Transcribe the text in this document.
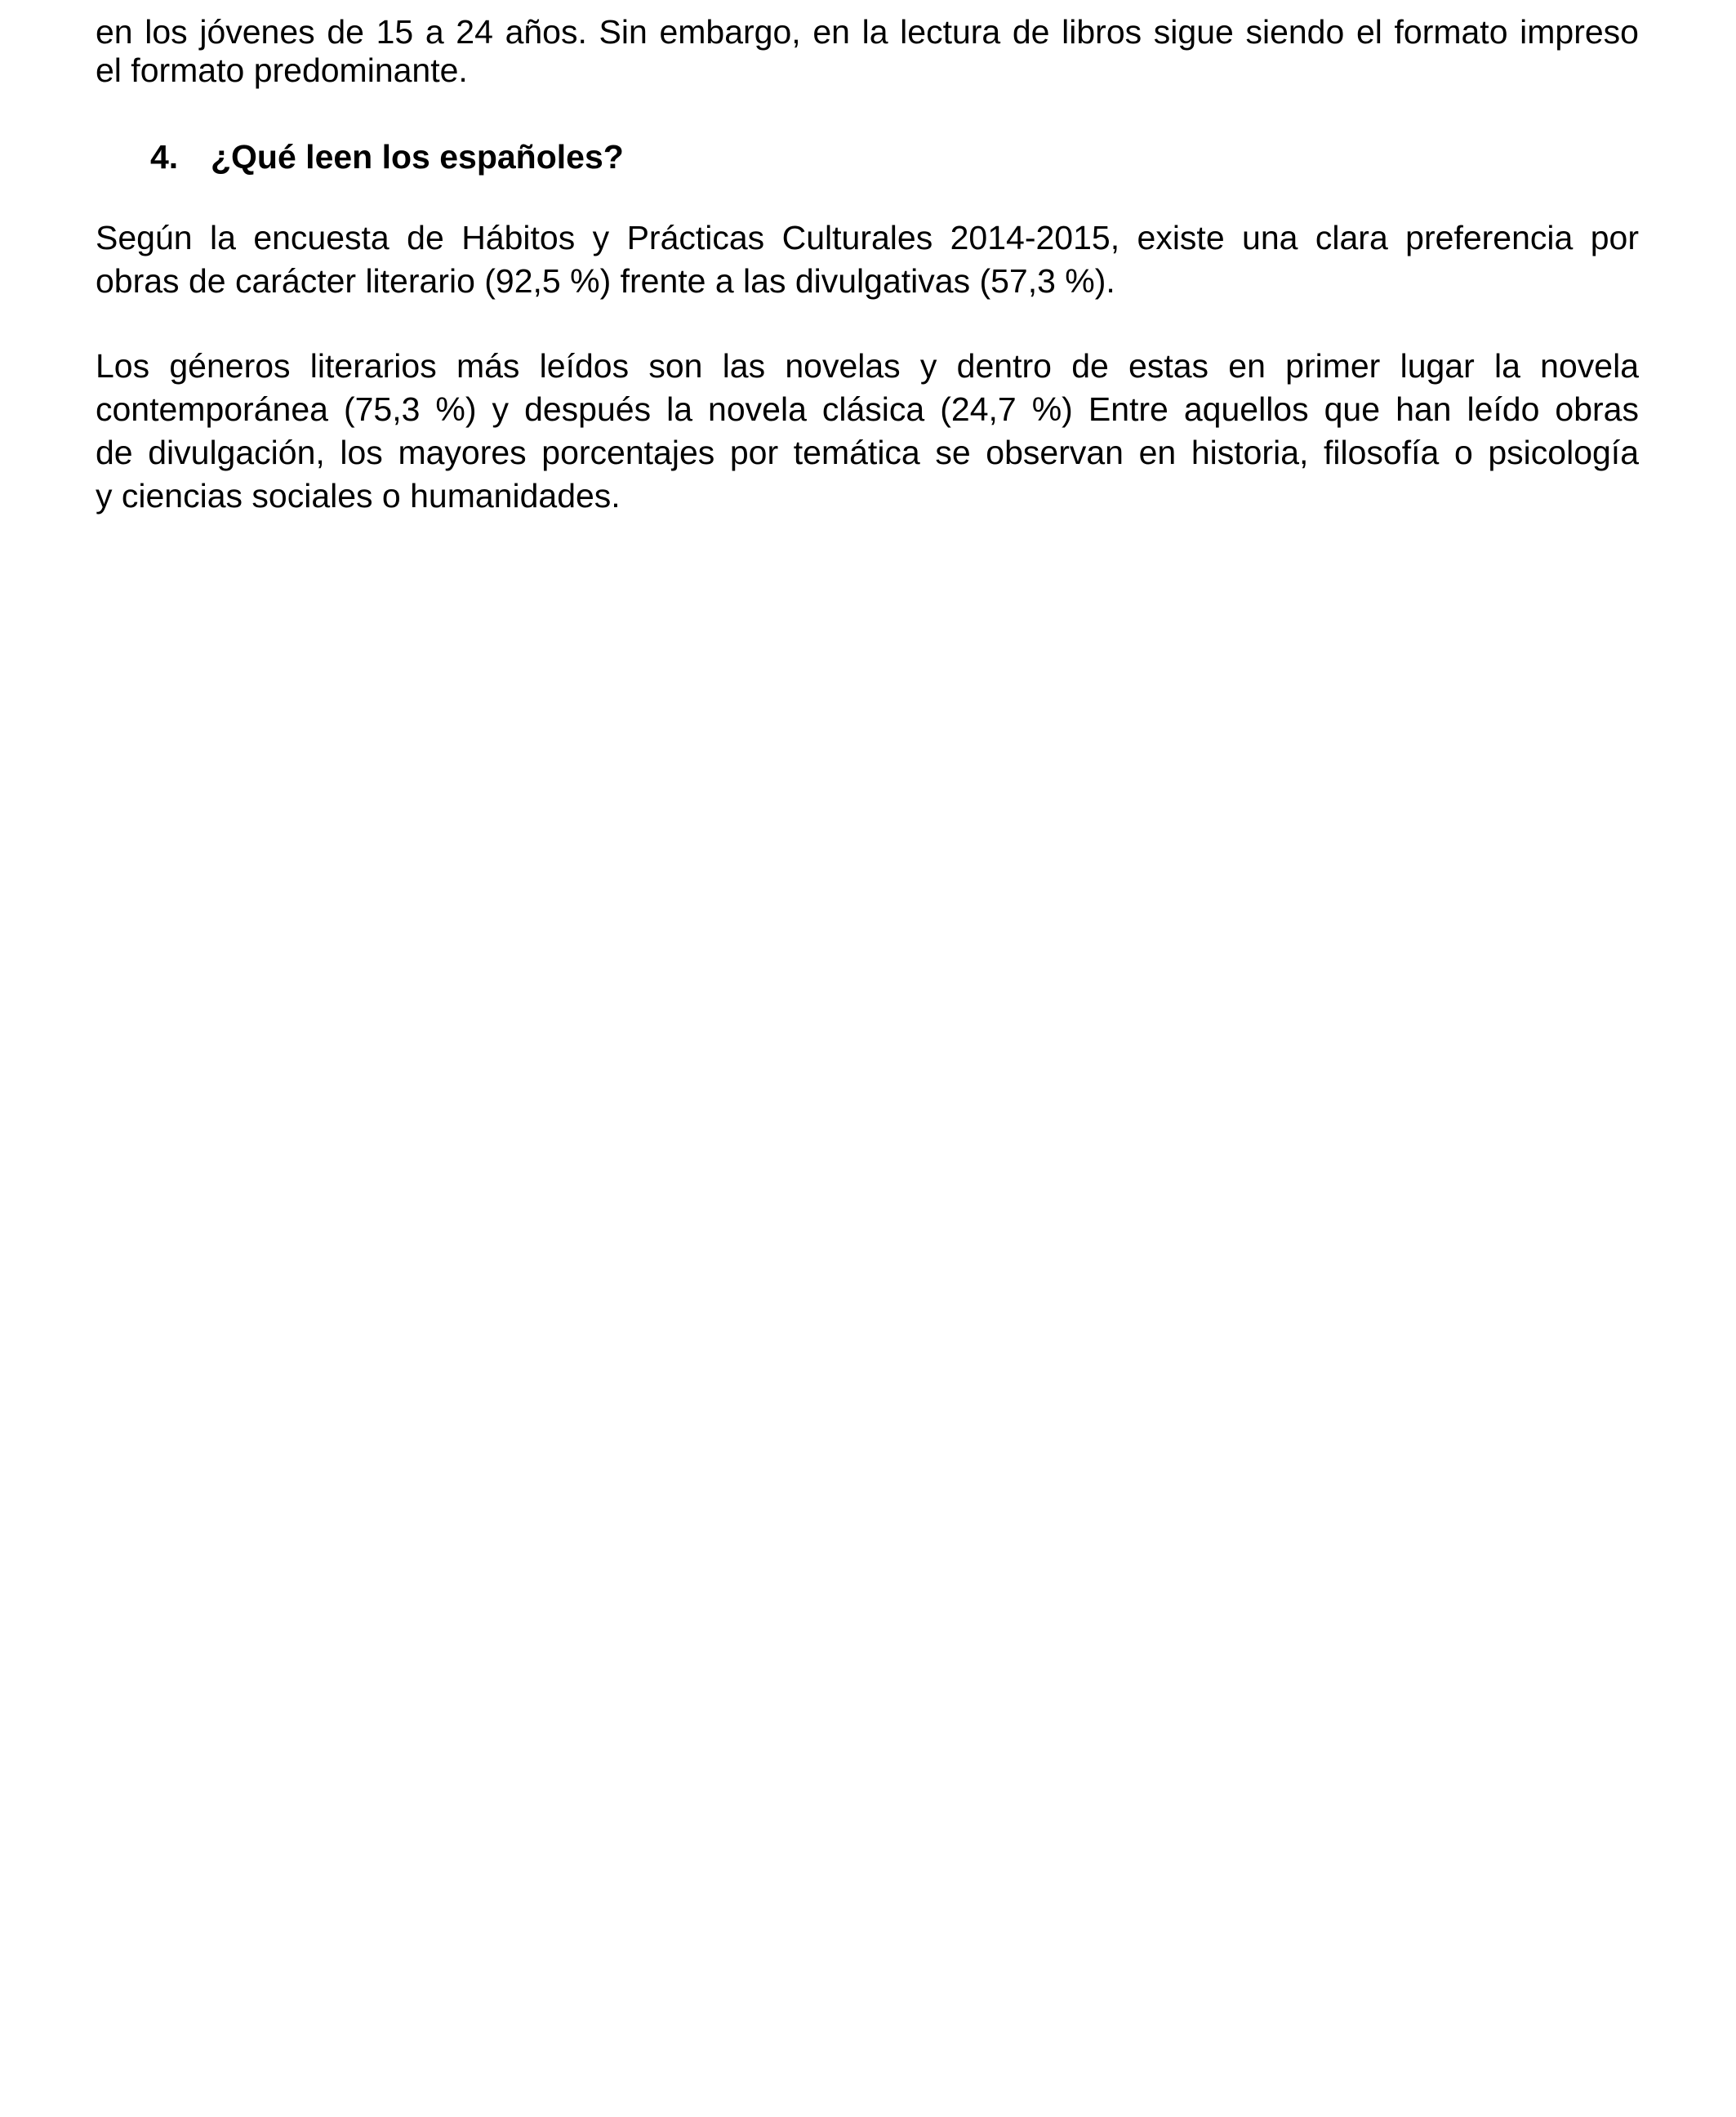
en los jóvenes de 15 a 24 años. Sin embargo, en la lectura de libros sigue siendo el formato impreso
el formato predominante.
4. ¿Qué leen los españoles?
Según la encuesta de Hábitos y Prácticas Culturales 2014-2015, existe una clara preferencia por
obras de carácter literario (92,5 %) frente a las divulgativas (57,3 %).
Los géneros literarios más leídos son las novelas y dentro de estas en primer lugar la novela
contemporánea (75,3 %) y después la novela clásica (24,7 %) Entre aquellos que han leído obras
de divulgación, los mayores porcentajes por temática se observan en historia, filosofía o psicología
y ciencias sociales o humanidades.
